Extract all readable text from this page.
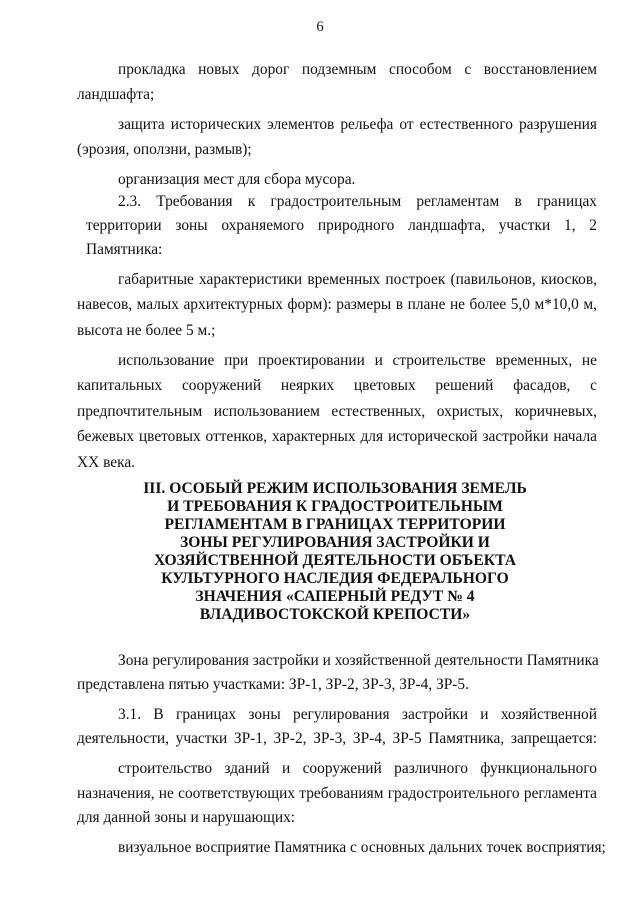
6
прокладка новых дорог подземным способом с восстановлением
ландшафта;
защита исторических элементов рельефа от естественного разрушения
(эрозия, оползни, размыв);
организация мест для сбора мусора.
2.3. Требования к градостроительным регламентам в границах
территории зоны охраняемого природного ландшафта, участки 1, 2
Памятника:
габаритные характеристики временных построек (павильонов, киосков,
навесов, малых архитектурных форм): размеры в плане не более 5,0 м*10,0 м,
высота не более 5 м.;
использование при проектировании и строительстве временных, не
капитальных сооружений неярких цветовых решений фасадов, с
предпочтительным использованием естественных, охристых, коричневых,
бежевых цветовых оттенков, характерных для исторической застройки начала
XX века.
III. ОСОБЫЙ РЕЖИМ ИСПОЛЬЗОВАНИЯ ЗЕМЕЛЬ
И ТРЕБОВАНИЯ К ГРАДОСТРОИТЕЛЬНЫМ
РЕГЛАМЕНТАМ В ГРАНИЦАХ ТЕРРИТОРИИ
ЗОНЫ РЕГУЛИРОВАНИЯ ЗАСТРОЙКИ И
ХОЗЯЙСТВЕННОЙ ДЕЯТЕЛЬНОСТИ ОБЪЕКТА
КУЛЬТУРНОГО НАСЛЕДИЯ ФЕДЕРАЛЬНОГО
ЗНАЧЕНИЯ «САПЕРНЫЙ РЕДУТ № 4
ВЛАДИВОСТОКСКОЙ КРЕПОСТИ»
Зона регулирования застройки и хозяйственной деятельности Памятника
представлена пятью участками: ЗР-1, ЗР-2, ЗР-3, ЗР-4, ЗР-5.
3.1. В границах зоны регулирования застройки и хозяйственной
деятельности, участки ЗР-1, ЗР-2, ЗР-3, ЗР-4, ЗР-5 Памятника, запрещается:
строительство зданий и сооружений различного функционального
назначения, не соответствующих требованиям градостроительного регламента
для данной зоны и нарушающих:
визуальное восприятие Памятника с основных дальних точек восприятия;
